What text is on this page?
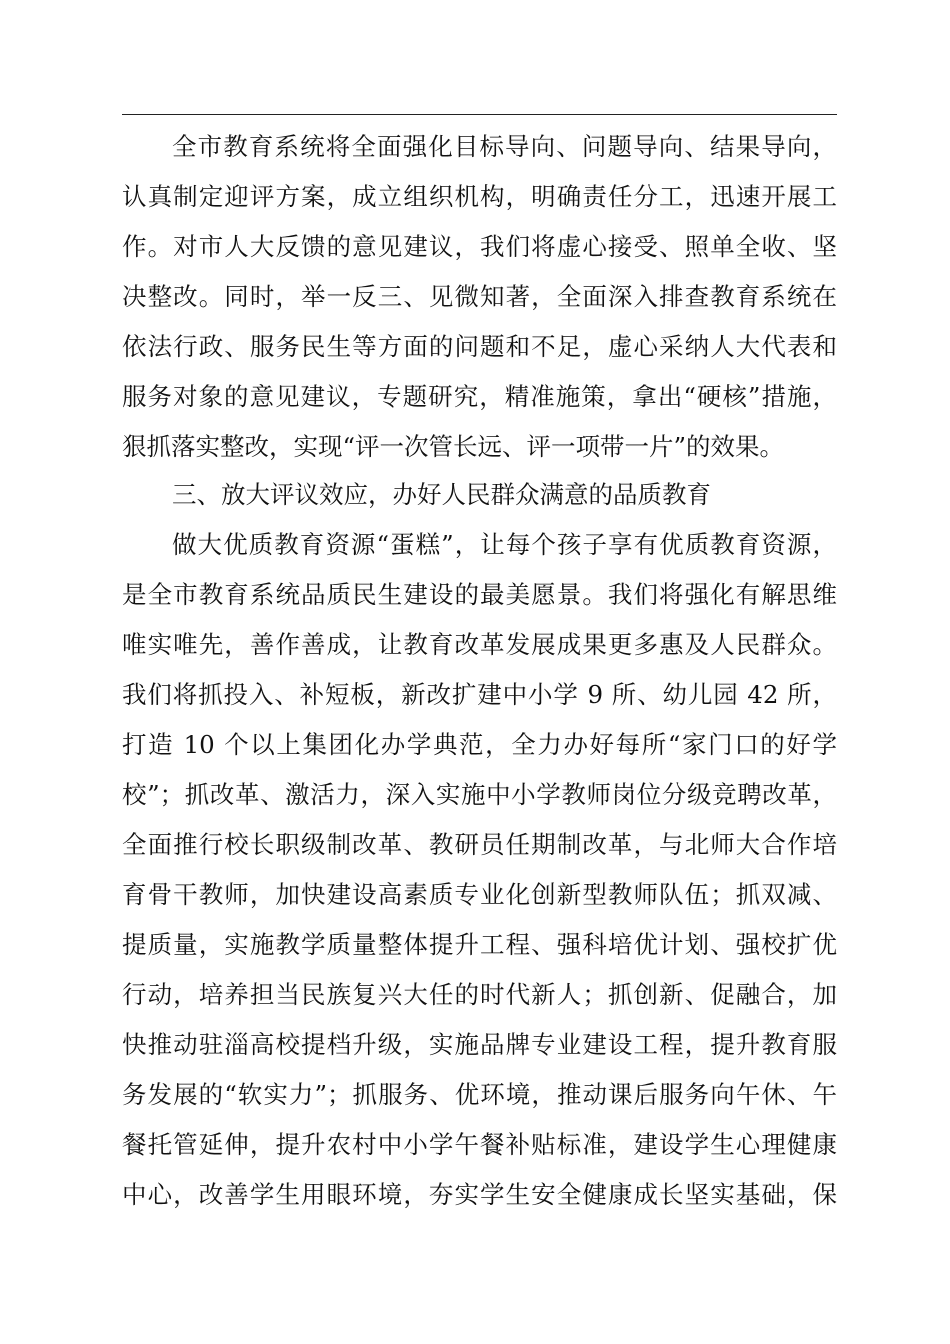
全市教育系统将全面强化目标导向、问题导向、结果导向，
认真制定迎评方案，成立组织机构，明确责任分工，迅速开展工
作。对市人大反馈的意见建议，我们将虚心接受、照单全收、坚
决整改。同时，举一反三、见微知著，全面深入排查教育系统在
依法行政、服务民生等方面的问题和不足，虚心采纳人大代表和
服务对象的意见建议，专题研究，精准施策，拿出“硬核”措施，
狠抓落实整改，实现“评一次管长远、评一项带一片”的效果。
三、放大评议效应，办好人民群众满意的品质教育
做大优质教育资源“蛋糕”，让每个孩子享有优质教育资源，
是全市教育系统品质民生建设的最美愿景。我们将强化有解思维
唯实唯先，善作善成，让教育改革发展成果更多惠及人民群众。
我们将抓投入、补短板，新改扩建中小学 9 所、幼儿园 42 所，
打造 10 个以上集团化办学典范，全力办好每所“家门口的好学
校”；抓改革、激活力，深入实施中小学教师岗位分级竞聘改革，
全面推行校长职级制改革、教研员任期制改革，与北师大合作培
育骨干教师，加快建设高素质专业化创新型教师队伍；抓双减、
提质量，实施教学质量整体提升工程、强科培优计划、强校扩优
行动，培养担当民族复兴大任的时代新人；抓创新、促融合，加
快推动驻淄高校提档升级，实施品牌专业建设工程，提升教育服
务发展的“软实力”；抓服务、优环境，推动课后服务向午休、午
餐托管延伸，提升农村中小学午餐补贴标准，建设学生心理健康
中心，改善学生用眼环境，夯实学生安全健康成长坚实基础，保
